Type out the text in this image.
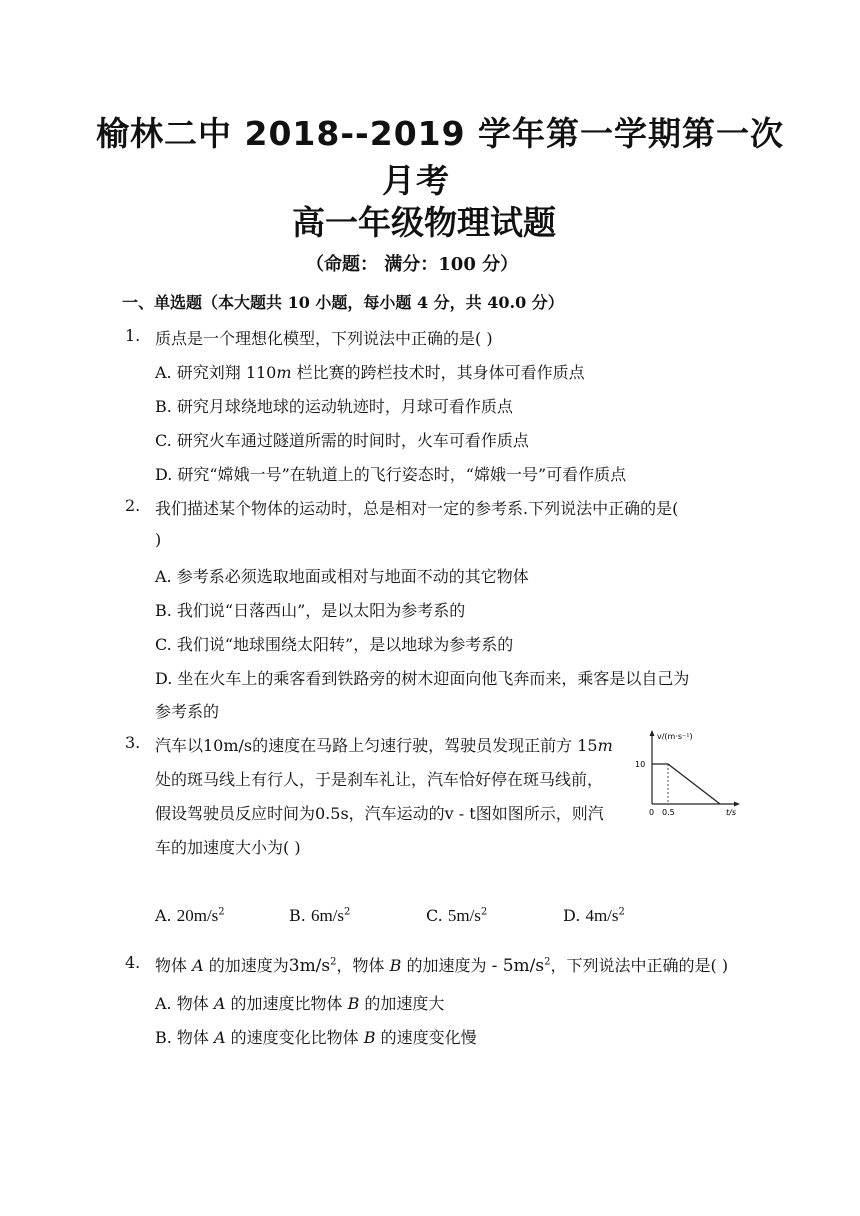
榆林二中 2018--2019 学年第一学期第一次
月考
高一年级物理试题
（命题： 满分：100 分）
一、单选题（本大题共 10 小题，每小题 4 分，共 40.0 分）
1. 质点是一个理想化模型，下列说法中正确的是( )
A. 研究刘翔 110m 栏比赛的跨栏技术时，其身体可看作质点
B. 研究月球绕地球的运动轨迹时，月球可看作质点
C. 研究火车通过隧道所需的时间时，火车可看作质点
D. 研究“嫦娥一号”在轨道上的飞行姿态时，“嫦娥一号”可看作质点
2. 我们描述某个物体的运动时，总是相对一定的参考系.下列说法中正确的是(
)
A. 参考系必须选取地面或相对与地面不动的其它物体
B. 我们说“日落西山”，是以太阳为参考系的
C. 我们说“地球围绕太阳转”，是以地球为参考系的
D. 坐在火车上的乘客看到铁路旁的树木迎面向他飞奔而来，乘客是以自己为
参考系的
3. 汽车以10m/s的速度在马路上匀速行驶，驾驶员发现正前方 15m
处的斑马线上有行人，于是刹车礼让，汽车恰好停在斑马线前，
假设驾驶员反应时间为0.5s，汽车运动的v - t图如图所示，则汽
车的加速度大小为( )
v/(m·s⁻¹)
10
0 0.5	t/s
A. $20m/s^2$	B. $6m/s^2$	C. $5m/s^2$	D. $4m/s^2$
4. 物体 A 的加速度为$3m/s^2$，物体 B 的加速度为 - $5m/s^2$，下列说法中正确的是( )
A. 物体 A 的加速度比物体 B 的加速度大
B. 物体 A 的速度变化比物体 B 的速度变化慢
